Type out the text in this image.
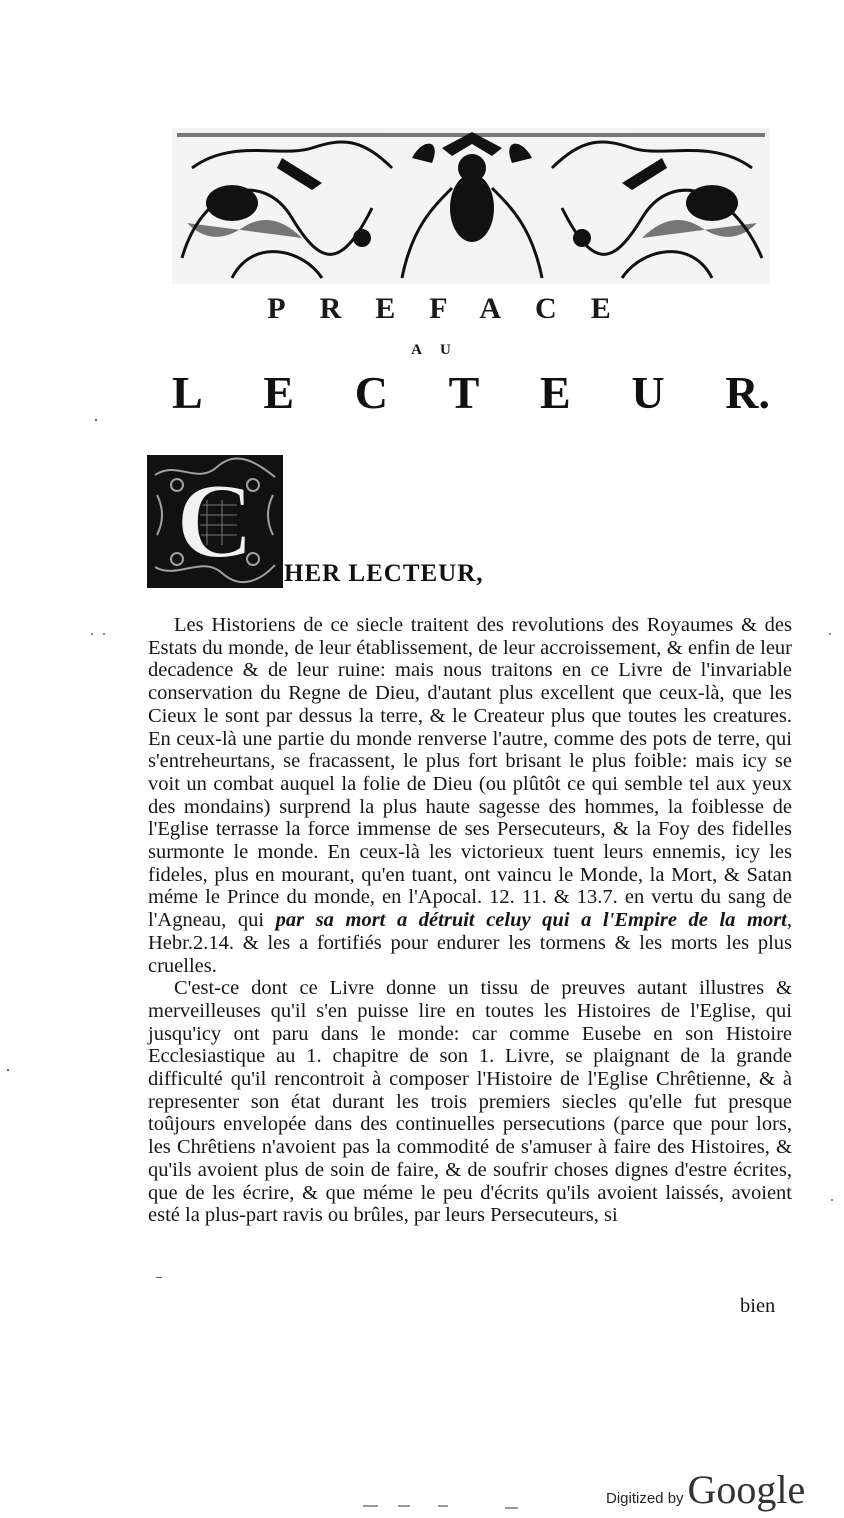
PREFACE
AU
L E C T E U R.
C HER LECTEUR,

Les Historiens de ce siecle traitent des revolutions des Royaumes & des Estats du monde, de leur établissement, de leur accroissement, & enfin de leur decadence & de leur ruine: mais nous traitons en ce Livre de l'invariable conservation du Regne de Dieu, d'autant plus excellent que ceux-là, que les Cieux le sont par dessus la terre, & le Createur plus que toutes les creatures. En ceux-là une partie du monde renverse l'autre, comme des pots de terre, qui s'entreheurtans, se fracassent, le plus fort brisant le plus foible: mais icy se voit un combat auquel la folie de Dieu (ou plûtôt ce qui semble tel aux yeux des mondains) surprend la plus haute sagesse des hommes, la foiblesse de l'Eglise terrasse la force immense de ses Persecuteurs, & la Foy des fidelles surmonte le monde. En ceux-là les victorieux tuent leurs ennemis, icy les fideles, plus en mourant, qu'en tuant, ont vaincu le Monde, la Mort, & Satan méme le Prince du monde, en l'Apocal. 12. 11. & 13.7. en vertu du sang de l'Agneau, qui par sa mort a détruit celuy qui a l'Empire de la mort, Hebr.2.14. & les a fortifiés pour endurer les tormens & les morts les plus cruelles.

C'est-ce dont ce Livre donne un tissu de preuves autant illustres & merveilleuses qu'il s'en puisse lire en toutes les Histoires de l'Eglise, qui jusqu'icy ont paru dans le monde: car comme Eusebe en son Histoire Ecclesiastique au 1. chapitre de son 1. Livre, se plaignant de la grande difficulté qu'il rencontroit à composer l'Histoire de l'Eglise Chrêtienne, & à representer son état durant les trois premiers siecles qu'elle fut presque toûjours envelopée dans des continuelles persecutions (parce que pour lors, les Chrêtiens n'avoient pas la commodité de s'amuser à faire des Histoires, & qu'ils avoient plus de soin de faire, & de soufrir choses dignes d'estre écrites, que de les écrire, & que méme le peu d'écrits qu'ils avoient laissés, avoient esté la plus-part ravis ou brûles, par leurs Persecuteurs, si

bien
Digitized by Google
